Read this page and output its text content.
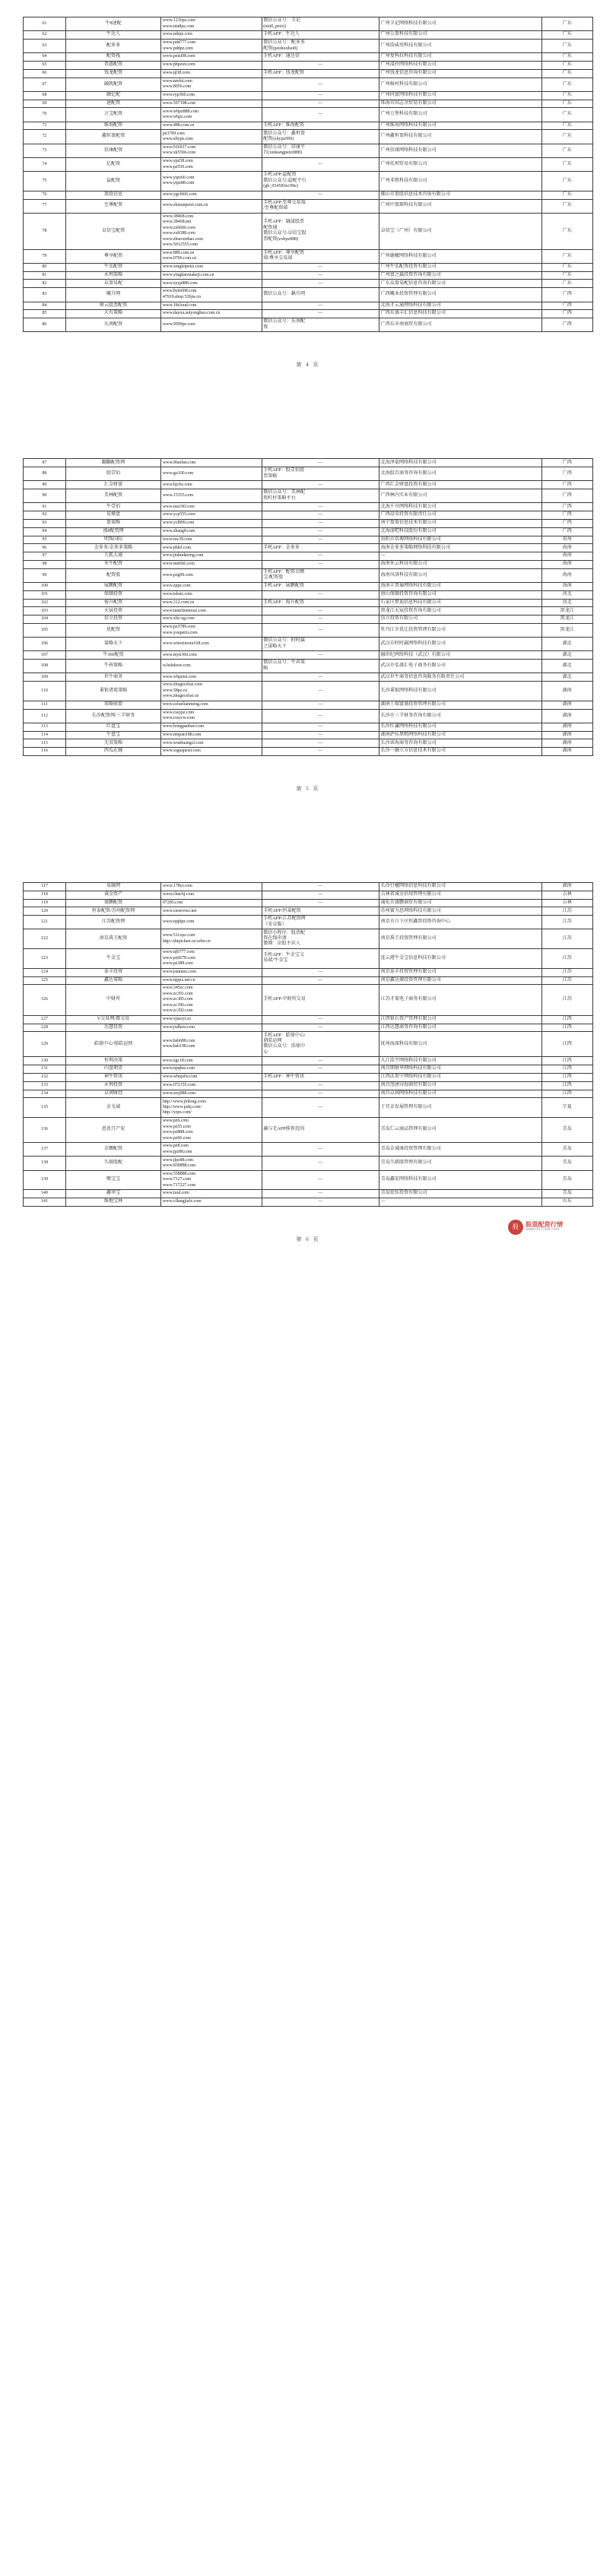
61	牛8速配	www.1236pz.com
www.niu8pz.com	微信公众号：卫记
(niu8_peizi)	广州卫记网络科技有限公司	广东
62	牛达人	www.ndrpz.com	手机APP：牛达人	广州公盈科技有限公司	广东
63	配多多	www.pdd777.com
www.pddpz.com	微信公众号：配多多
配资(peiduoduo8)	广州浩威亮科技有限公司	广东
64	配资栈	www.peizi08.com	手机APP：通达信	广州复科拉科技有限公司	广东
65	普惠配资	www.phpeizi.com	—	广州凌玲网络科技有限公司	广东
66	钱龙配资	www.ql38.com	手机APP：钱龙配资	广州钱龙信息咨询有限公司	广东
67	融凯配资	www.nmfst.com
www.8056.com	—	广州杨村科技有限公司	广东
68	融亿配	www.ryp360.com	—	广州同富网络科技有限公司	广东
69	速配资	www.597198.com	—	珠海市国志余贸易有限公司	广东
70	万宝配资	www.wbpz888.com
www.wbpz.com	—	广州万堡科技有限公司	广东
71	维海配资	www.488.com.cn	手机APP：维海配资	广州维海网络科技有限公司	广东
72	鑫恒盈配资	pz3799.com
www.xhypz.com	微信公众号：鑫恒盈
配资(xhypz999)	广州鑫恒盈科技有限公司	广东
73	信康配资	www.916917.com
www.xk5566.com	微信公众号：信康平
台(xinkangpeizi888)	广州信康网络科技有限公司	广东
74	亿配资	www.ypz58.com
www.pz550.com	—	广州托坝贸易有限公司	广东
75	益配资	www.yipz66.com
www.yipz88.com	手机APP:益配资
微信公众号:益配平台
(gh_054583ec99e)	广州非胜科技有限公司	广东
76	盈股信息	www.ygcf666.com	—	佛山市盈股信息技术咨询有限公司	广东
77	至尊配资	www.zhizunpeizi.com.cn	手机APP:至尊交易端
/至尊配资端	广州中寰琛科技有限公司	广东
78	卓信宝配资	
www.38468.com
www.38468.net
www.zxb666.com
www.zxb588.com
www.zhuoxinbao.com
www.5012555.com

手机APP：融晟股票
配资通
微信公众号:卓信宝股
票配资(zxbpz888)

卓信宝（广州）有限公司	广东
79	尊享配资	www.889.com.cn
www.0706.com.cn	手机APP：尊享配资
端/尊享交易端	广州德檬网络科技有限公司	广东
80	牛弘配资	www.xingleipeizi.com	—	广州牛弘配资投资有限公司	广东
81	永利策略	www.yingtianxiakeji.com.cn	—	广州富之赢投资咨询有限公司	广东
82	众盈易配	www.zyyp888.com	—	广东众盈易配信息咨询有限公司	广东
83	飚升网	www.bytz668.com
47919.shop.52bjw.cn	微信公众号：飙升网	广西飚业投资管理有限公司	广西
84	财云股票配资	www.18cloud.com	—	北海才云通网络科技有限公司	广西
85	大有策略	www.dayou.suiyongbao.com.cn	—	广西东盛丰汇信息科技有限公司	广西
86	东南配资	www.9999pz.com	微信公众号：东南配
资	广西东亦南商贸有限公司	广西
第 4 页
87	翻翻配资网	www.9fanfan.com	—	北海泽豪网络科技有限公司	广西
88	股壹佰	www.gu100.com	手机APP：股壹佰股
票策略	北海股百商务咨询有限公司	广西
89	汇金财富	www.hjcftz.com	—	广西汇金财富投资有限公司	广西
90	美林配资	www.15355.com	微信公众号：美林配
资杠杆策略平台	广西林内实业有限公司	广西
91	牛壹佰	www.niu100.com	—	北海千舟网络科技有限公司	广西
92	易操盘	www.ycp555.com	—	广西设荣投资有限责任公司	广西
93	盈策略	www.ycl899.com	—	南宁盈策信息技术有限公司	广西
94	涨8配资网	www.zhang8.com	—	北海漾吧科技股份有限公司	广西
95	明珠国际	www.mz39.com	—	贵阳市浩博网络科技有限公司	贵州
96	金多多/金多多策略	www.jddel.com	手机APP：金多多	海南金多多策略网络科技有限公司	海南
97	九狐大通	www.jiuhudatong.com	—	—	海南
98	米牛配资	www.mn666.com	—	海南米云科技有限公司	海南
99	配资股	www.pzg99.com	手机APP：配资余额
宝/配资股	海南风洛科技有限公司	海南
100	展鹏配资	www.zppz.com	手机APP：展鹏配资	海南丰普瑜网络科技有限公司	海南
101	保顺投资	www.tsbstz.com	—	唐山保顺投资咨询有限公司	河北
102	俊升配资	www.312.com.cn	手机APP：俊升配资	石家庄梦迪信息科技有限公司	河北
103	天宸投资	www.tianchentouzi.com	—	黑龙江天宸投资咨询有限公司	黑龙江
104	信立投资	www.xltz-zg.com	—	信立投资有限公司	黑龙江
105	优配资	www.pz3789.com
www.youpeizi.com	—	牡丹江市优让投资管理有限公司	黑龙江
106	谋略天下	www.winwinwin168.com	微信公众号：时时赢
之谋略天下	武汉市时时赢网络科技有限公司	湖北
107	牛360配资	www.myn360.com	—	融世纪网络科技（武汉）有限公司	湖北
108	牛犇策略	w.hshdzsw.com	微信公众号：牛奔策
略	武汉市弘盛汇电子商务有限公司	湖北
109	世牛商务	www.whpeizi.com	—	武汉世牛商务信息咨询服务有限责任公司	湖北
110	秉银诸葛策略	www.zhugecelue.com
www.58pz.cn
www.zhugecelue.cn	—	长沙秉银网络科技有限公司	湖南
111	策略联盟	www.celuelianmeng.com	—	湖南十瑞富盛投资管理有限公司	湖南
112	长沙配资网/三羊财务	www.cssypz.com
www.cssycw.com	—	长沙市三羊财务咨询有限公司	湖南
113	红盘宝	www.hongpanbao.com	—	长沙红盦网络科技有限公司	湖南
114	牛盘宝	www.niupan188.com	—	湖南萨拉黑哟网络科技有限公司	湖南
115	无双策略	www.wushuangcl.com	—	长沙诺海商务咨询有限公司	湖南
116	西瓜在缠	www.xiguapeizi.com	—	长沙一融立方信息技术有限公司	湖南
第 5 页
117	易融网	www.178yr.com	—	长沙行檀网络信息科技有限公司	湖南
118	诚金资产	www.chnchj.com	—	吉林省诚金信用管理有限公司	吉林
119	盛鹏配资	07285.com	—	通化市盛鹏商贸有限公司	吉林
120	恒泰配资/苏州配资网	www.cnservice.net	手机APP:恒泰配资	苏州赛为思网络科技有限公司	江苏
121	江苏配资网	www.njqhpz.com	手机APP:江苏配资网
（安卓版）	南京市白下区恒鑫智投资咨询中心	江苏
122	南京禹王配资	www.51cxpz.com
http://shipichen.cn.cebn.cn	微信小程序：股票配
资在线申请
微博：识股不识人	南京禹王投资管理有限公司	江苏
123	牛金宝	www.njb777.com
www.pz6678.com
www.pz388.com	手机APP：牛金宝交
易端/牛金宝	连云港牛金宝信息科技有限公司	江苏
124	泰丰投资	www.jstainuo.com	—	南京泰丰投资管理有限公司	江苏
125	鑫达策略	www.njppx.net.cn	—	南京鑫达源投资管理有限公司	江苏
126	中财所	www.345zc.com
www.zc391.com
www.zc385.com
www.zc396.com
www.zc392.com	手机APP:中财所交易	江苏才策电子商务有限公司	江苏
127	V交易网/微交易	www.vjiaoyi.cn	—	江西银石资产管理有限公司	江西
128	达慧投资	www.jxdhsw.com	—	江西达慧商务咨询有限公司	江西
129	皓鼎中心/鼎皓运网	www.hsh688.com
www.hsh198.com	手机APP：皓鼎中心/
鼎皓运网
微信公众号：浩鼎中
心	抚州海深科技有限公司	江西
130	恒利决策	www.zgc18.com	—	九江浩宇网络科技有限公司	江西
131	内盘期货	www.npqhzs.com	—	南昌期财华网络科技有限公司	江西
132	神牛资讯	www.wbnjsfw.com	手机APP：神牛资讯	江西沃帮宁网络科技有限公司	江西
133	永利投资	www.072155.com	—	南昌浧唐浔海商贸有限公司	江西
134	卓润财经	www.zrcj888.com	—	南昌卓润网络科技有限公司	江西
135	金戈诚	http://www.jinlong.com/
http://www.pzkj.com/
http://yzpz.com/	—	于宜金发展管理有限公司	宁夏
136	恩贵月产宏	www.pz6.com
www.pz55.com
www.pz888.com
www.pz66.com	确与无APP排荐范围	青岛仁云商品管理有限公司	青岛
137	金鹏配资	www.pz8.com
www.jpz88.com	—	青岛金诚康投资管理有限公司	青岛
138	久联股配	www.jlpz88.com
www.839888.com	—	青岛久联股管理有限公司	青岛
139	鹰宝宝	www.558888.com
www.7127.com
www.717227.com	—	青岛鑫宏网络科技有限公司	青岛
140	鑫华宝	www.tzsd.com	—	青岛宏钰投资有限公司	青岛
141	维地宝林	www.cflangjiafx.com	—	—	山东
第 6 页
股	股票配资行情
www.0577wb.com
